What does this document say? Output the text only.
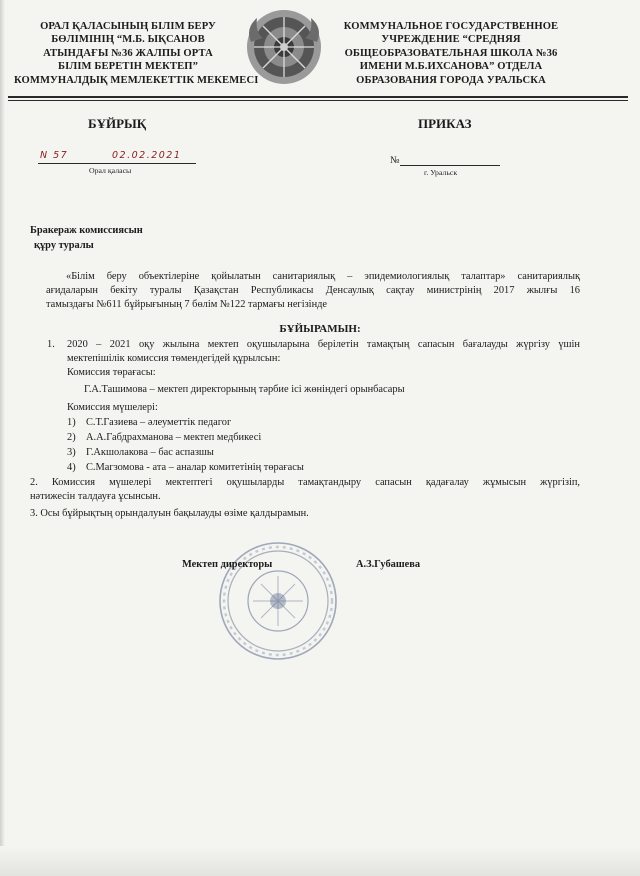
ОРАЛ ҚАЛАСЫНЫҢ БІЛІМ БЕРУ
БӨЛІМІНІҢ “М.Б. ЫҚСАНОВ
АТЫНДАҒЫ №36 ЖАЛПЫ ОРТА
БІЛІМ БЕРЕТІН МЕКТЕП”
КОММУНАЛДЫҚ МЕМЛЕКЕТТІК МЕКЕМЕСІ
КОММУНАЛЬНОЕ ГОСУДАРСТВЕННОЕ
УЧРЕЖДЕНИЕ “СРЕДНЯЯ
ОБЩЕОБРАЗОВАТЕЛЬНАЯ ШКОЛА №36
ИМЕНИ М.Б.ИХСАНОВА” ОТДЕЛА
ОБРАЗОВАНИЯ ГОРОДА УРАЛЬСКА
БҰЙРЫҚ	ПРИКАЗ
N 57	02.02.2021
Орал қаласы
№
г. Уральск
Бракераж комиссиясын
құру туралы
«Білім беру объектілеріне қойылатын санитариялық – эпидемиологиялық талаптар» санитариялық
ағидаларын бекіту туралы Қазақстан Республикасы Денсаулық сақтау министрінің 2017 жылғы 16
тамыздағы №611 бұйрығының 7 бөлім №122 тармағы негізінде
БҰЙЫРАМЫН:
1. 2020 – 2021 оқу жылына мектеп оқушыларына берілетін тамақтың сапасын бағалауды жүргізу үшін
мектепішілік комиссия төмендегідей құрылсын:
Комиссия төрағасы:
Г.А.Ташимова – мектеп директорының тәрбие ісі жөніндегі орынбасары
Комиссия мүшелері:
1) С.Т.Газиева – әлеуметтік педагог
2) А.А.Габдрахманова – мектеп медбикесі
3) Г.Акшолакова – бас аспазшы
4) С.Магзомова - ата – аналар комитетінің төрағасы
2. Комиссия мүшелері мектептегі оқушыларды тамақтандыру сапасын қадағалау жұмысын жүргізіп,
нәтижесін талдауға ұсынсын.
3. Осы бұйрықтың орындалуын бақылауды өзіме қалдырамын.
Мектеп директоры	А.З.Губашева
